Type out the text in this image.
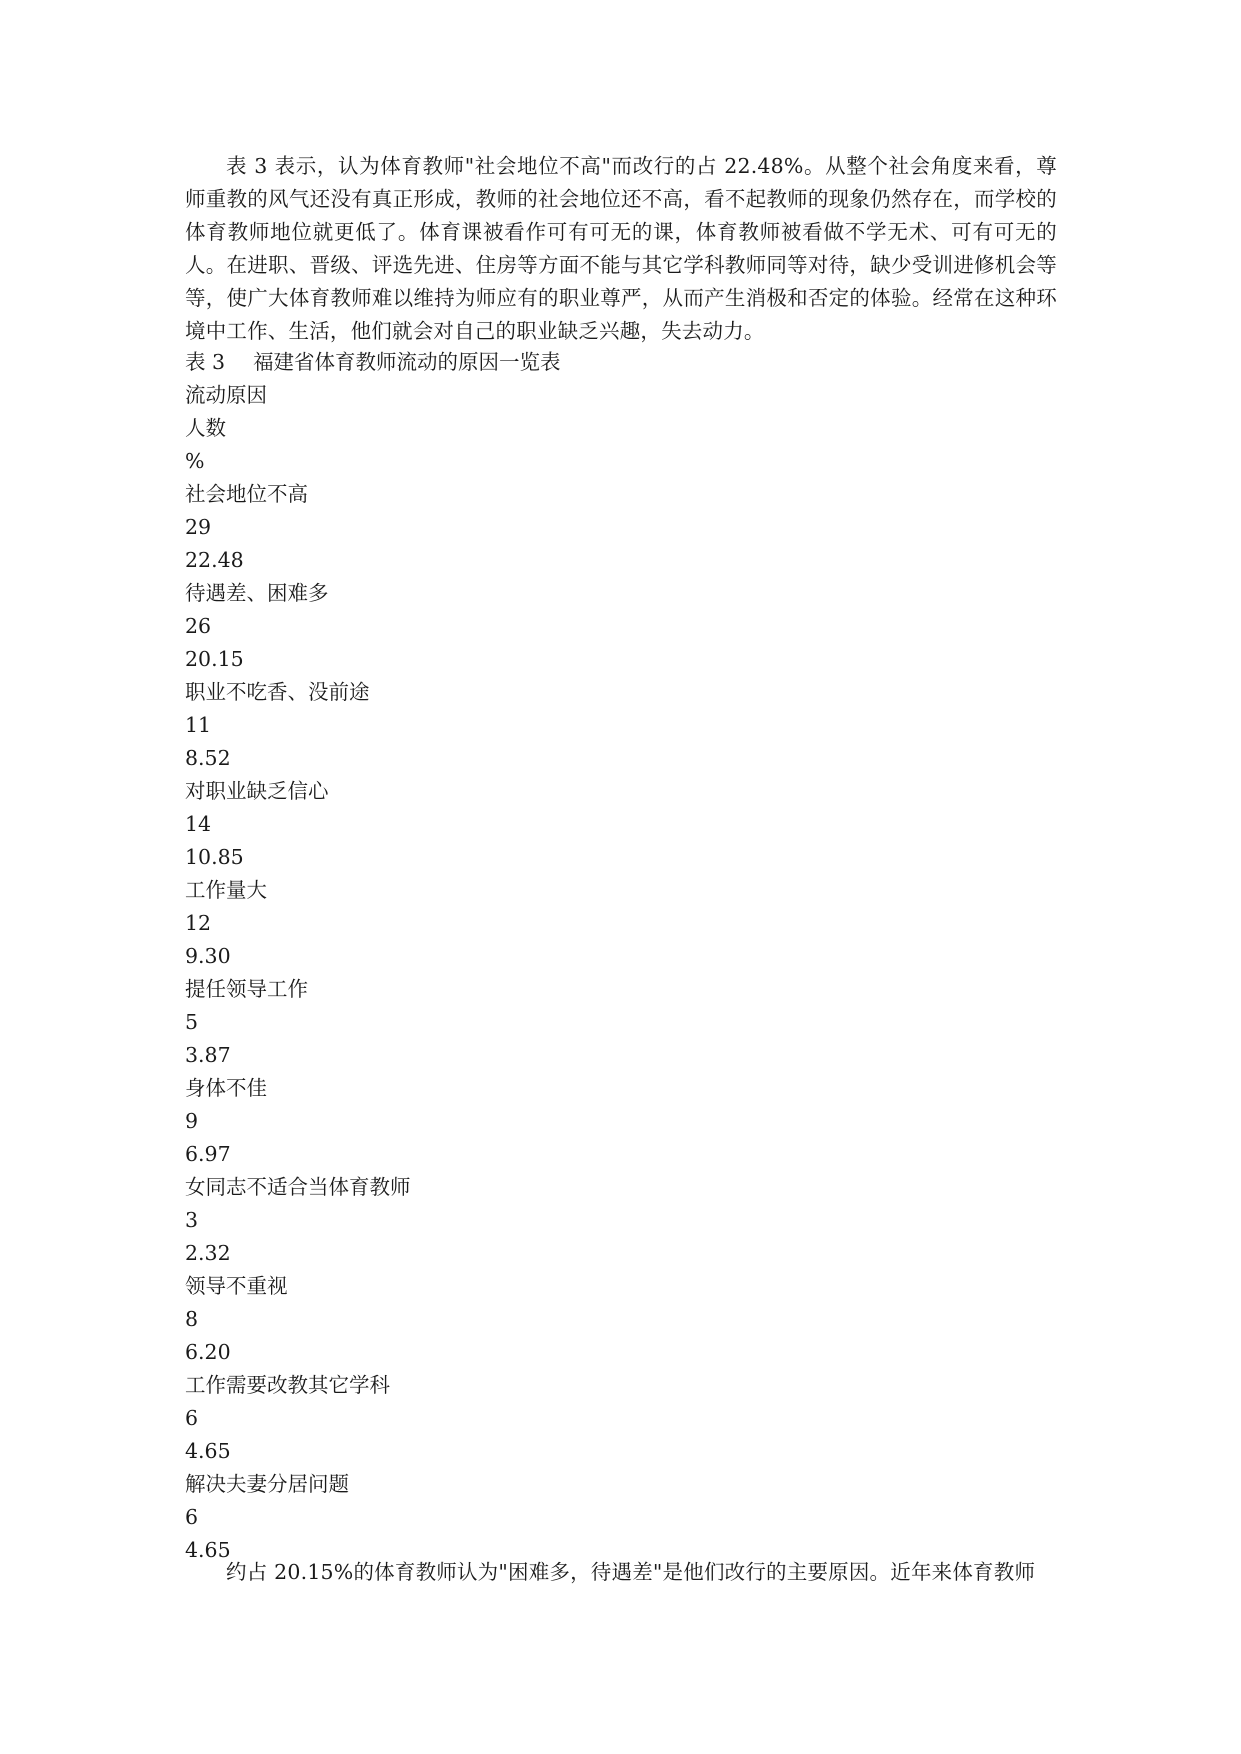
表 3 表示，认为体育教师"社会地位不高"而改行的占 22.48%。从整个社会角度来看，尊师重教的风气还没有真正形成，教师的社会地位还不高，看不起教师的现象仍然存在，而学校的体育教师地位就更低了。体育课被看作可有可无的课，体育教师被看做不学无术、可有可无的人。在进职、晋级、评选先进、住房等方面不能与其它学科教师同等对待，缺少受训进修机会等等，使广大体育教师难以维持为师应有的职业尊严，从而产生消极和否定的体验。经常在这种环境中工作、生活，他们就会对自己的职业缺乏兴趣，失去动力。

表 3 福建省体育教师流动的原因一览表
流动原因
人数
%
社会地位不高
29
22.48
待遇差、困难多
26
20.15
职业不吃香、没前途
11
8.52
对职业缺乏信心
14
10.85
工作量大
12
9.30
提任领导工作
5
3.87
身体不佳
9
6.97
女同志不适合当体育教师
3
2.32
领导不重视
8
6.20
工作需要改教其它学科
6
4.65
解决夫妻分居问题
6
4.65

约占 20.15%的体育教师认为"困难多，待遇差"是他们改行的主要原因。近年来体育教师
